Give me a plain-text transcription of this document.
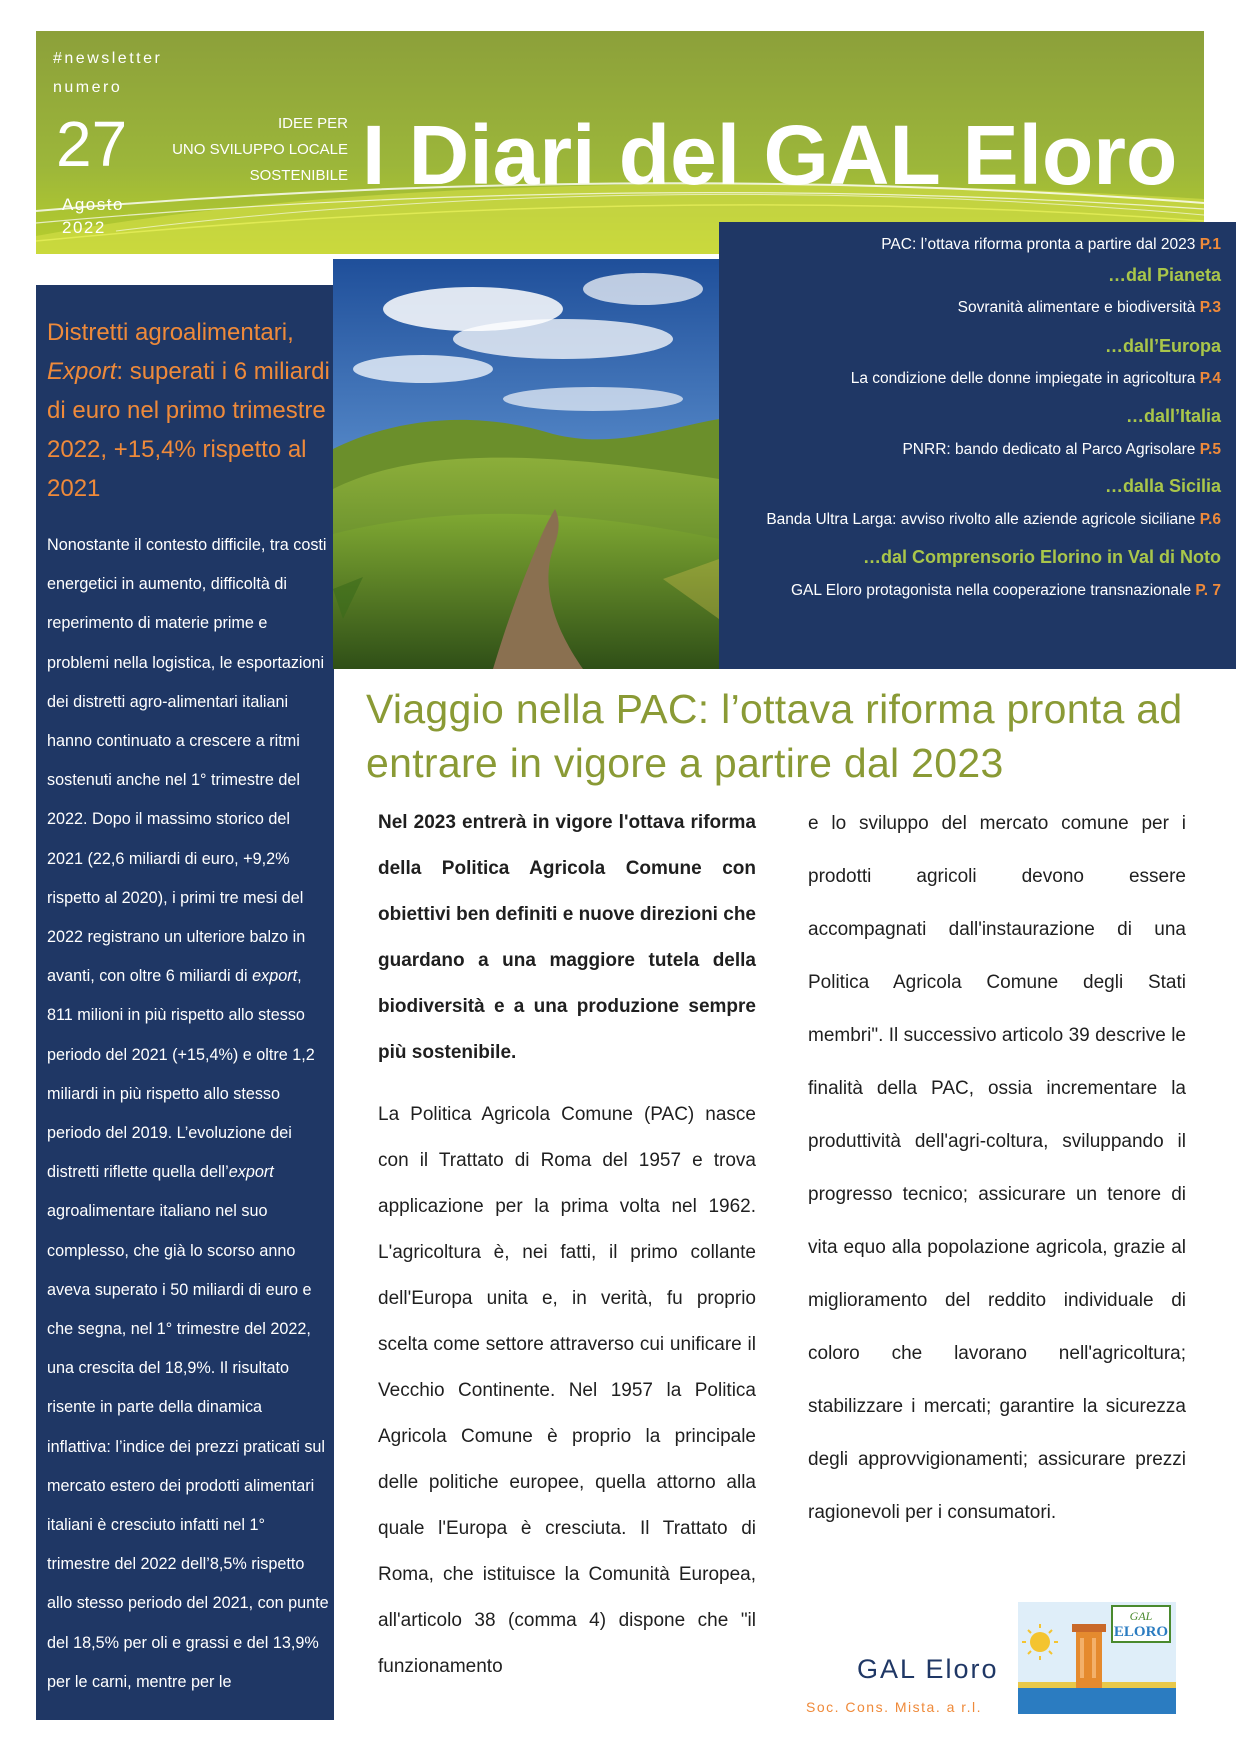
#newsletter
numero
27
Agosto
2022
IDEE PER
UNO SVILUPPO LOCALE
SOSTENIBILE I Diari del GAL Eloro
Distretti agroalimentari, Export: superati i 6 miliardi di euro nel primo trimestre 2022, +15,4% rispetto al 2021
Nonostante il contesto difficile, tra costi energetici in aumento, difficoltà di reperimento di materie prime e problemi nella logistica, le esportazioni dei distretti agro-alimentari italiani hanno continuato a crescere a ritmi sostenuti anche nel 1° trimestre del 2022. Dopo il massimo storico del 2021 (22,6 miliardi di euro, +9,2% rispetto al 2020), i primi tre mesi del 2022 registrano un ulteriore balzo in avanti, con oltre 6 miliardi di export, 811 milioni in più rispetto allo stesso periodo del 2021 (+15,4%) e oltre 1,2 miliardi in più rispetto allo stesso periodo del 2019. L’evoluzione dei distretti riflette quella dell’export agroalimentare italiano nel suo complesso, che già lo scorso anno aveva superato i 50 miliardi di euro e che segna, nel 1° trimestre del 2022, una crescita del 18,9%. Il risultato risente in parte della dinamica inflattiva: l’indice dei prezzi praticati sul mercato estero dei prodotti alimentari italiani è cresciuto infatti nel 1° trimestre del 2022 dell’8,5% rispetto allo stesso periodo del 2021, con punte del 18,5% per oli e grassi e del 13,9% per le carni, mentre per le
PAC: l’ottava riforma pronta a partire dal 2023 P.1
…dal Pianeta
Sovranità alimentare e biodiversità P.3
…dall’Europa
La condizione delle donne impiegate in agricoltura P.4
…dall’Italia
PNRR: bando dedicato al Parco Agrisolare P.5
…dalla Sicilia
Banda Ultra Larga: avviso rivolto alle aziende agricole siciliane P.6
…dal Comprensorio Elorino in Val di Noto
GAL Eloro protagonista nella cooperazione transnazionale P. 7
Viaggio nella PAC: l’ottava riforma pronta ad entrare in vigore a partire dal 2023

Nel 2023 entrerà in vigore l'ottava riforma della Politica Agricola Comune con obiettivi ben definiti e nuove direzioni che guardano a una maggiore tutela della biodiversità e a una produzione sempre più sostenibile.

La Politica Agricola Comune (PAC) nasce con il Trattato di Roma del 1957 e trova applicazione per la prima volta nel 1962. L'agricoltura è, nei fatti, il primo collante dell'Europa unita e, in verità, fu proprio scelta come settore attraverso cui unificare il Vecchio Continente. Nel 1957 la Politica Agricola Comune è proprio la principale delle politiche europee, quella attorno alla quale l'Europa è cresciuta. Il Trattato di Roma, che istituisce la Comunità Europea, all'articolo 38 (comma 4) dispone che "il funzionamento

e lo sviluppo del mercato comune per i prodotti agricoli devono essere accompagnati dall'instaurazione di una Politica Agricola Comune degli Stati membri". Il successivo articolo 39 descrive le finalità della PAC, ossia incrementare la produttività dell'agri-coltura, sviluppando il progresso tecnico; assicurare un tenore di vita equo alla popolazione agricola, grazie al miglioramento del reddito individuale di coloro che lavorano nell'agricoltura; stabilizzare i mercati; garantire la sicurezza degli approvvigionamenti; assicurare prezzi ragionevoli per i consumatori.

GAL Eloro
Soc. Cons. Mista. a r.l.
GAL
ELORO
